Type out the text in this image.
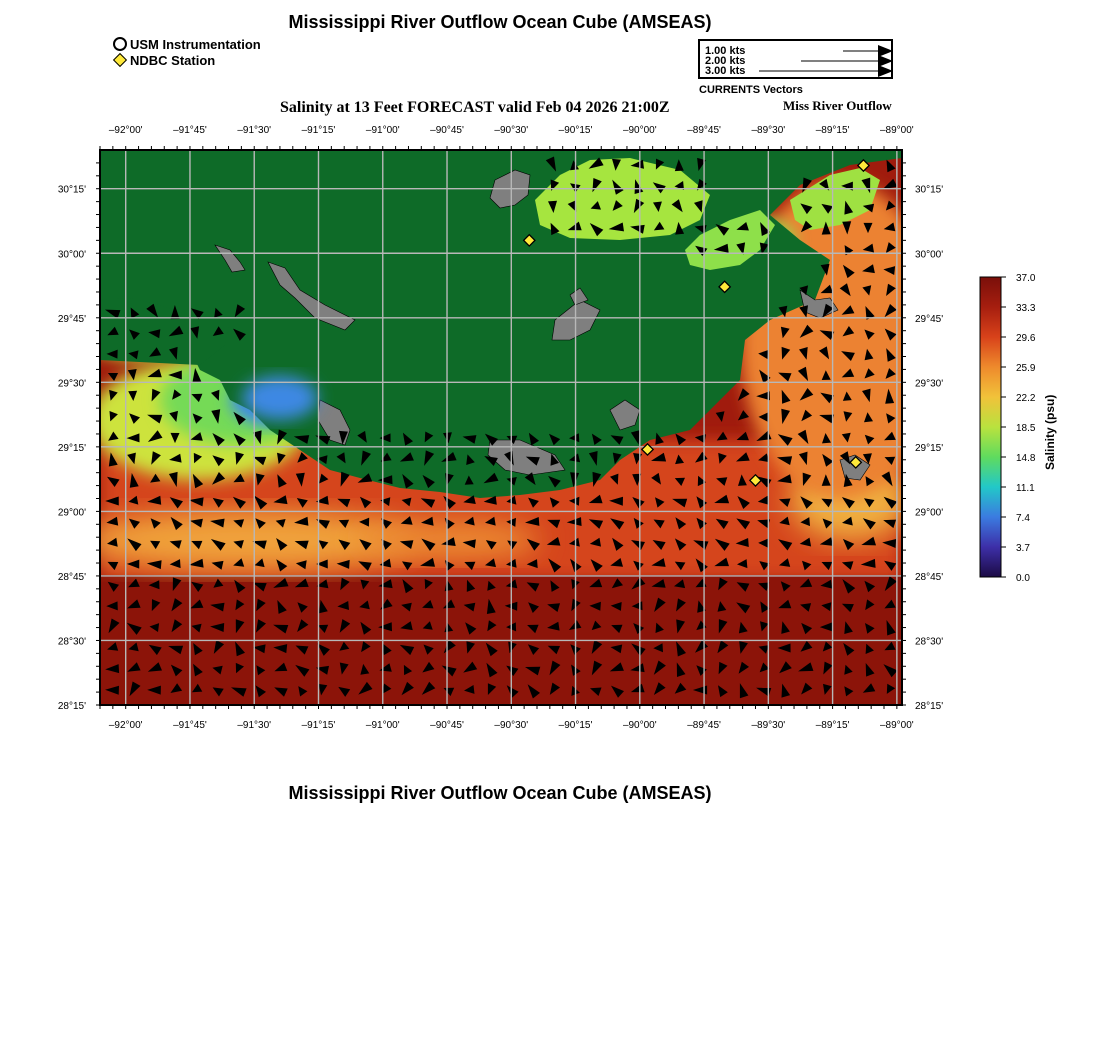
Mississippi River Outflow Ocean Cube (AMSEAS)
USM Instrumentation
NDBC Station
1.00 kts
2.00 kts
3.00 kts
CURRENTS Vectors
Salinity at 13 Feet FORECAST valid Feb 04 2026 21:00Z	Miss River Outflow
–92°00'
–92°00'
–91°45'
–91°45'
–91°30'
–91°30'
–91°15'
–91°15'
–91°00'
–91°00'
–90°45'
–90°45'
–90°30'
–90°30'
–90°15'
–90°15'
–90°00'
–90°00'
–89°45'
–89°45'
–89°30'
–89°30'
–89°15'
–89°15'
–89°00'
–89°00'
30°15'	30°15'
30°00'	30°00'
29°45'	29°45'
29°30'	29°30'
29°15'	29°15'
29°00'	29°00'
28°45'	28°45'
28°30'	28°30'
28°15'	28°15'
37.0
33.3
29.6
25.9
22.2
18.5
14.8
11.1
7.4
3.7
0.0
Salinity (psu)
Mississippi River Outflow Ocean Cube (AMSEAS)
